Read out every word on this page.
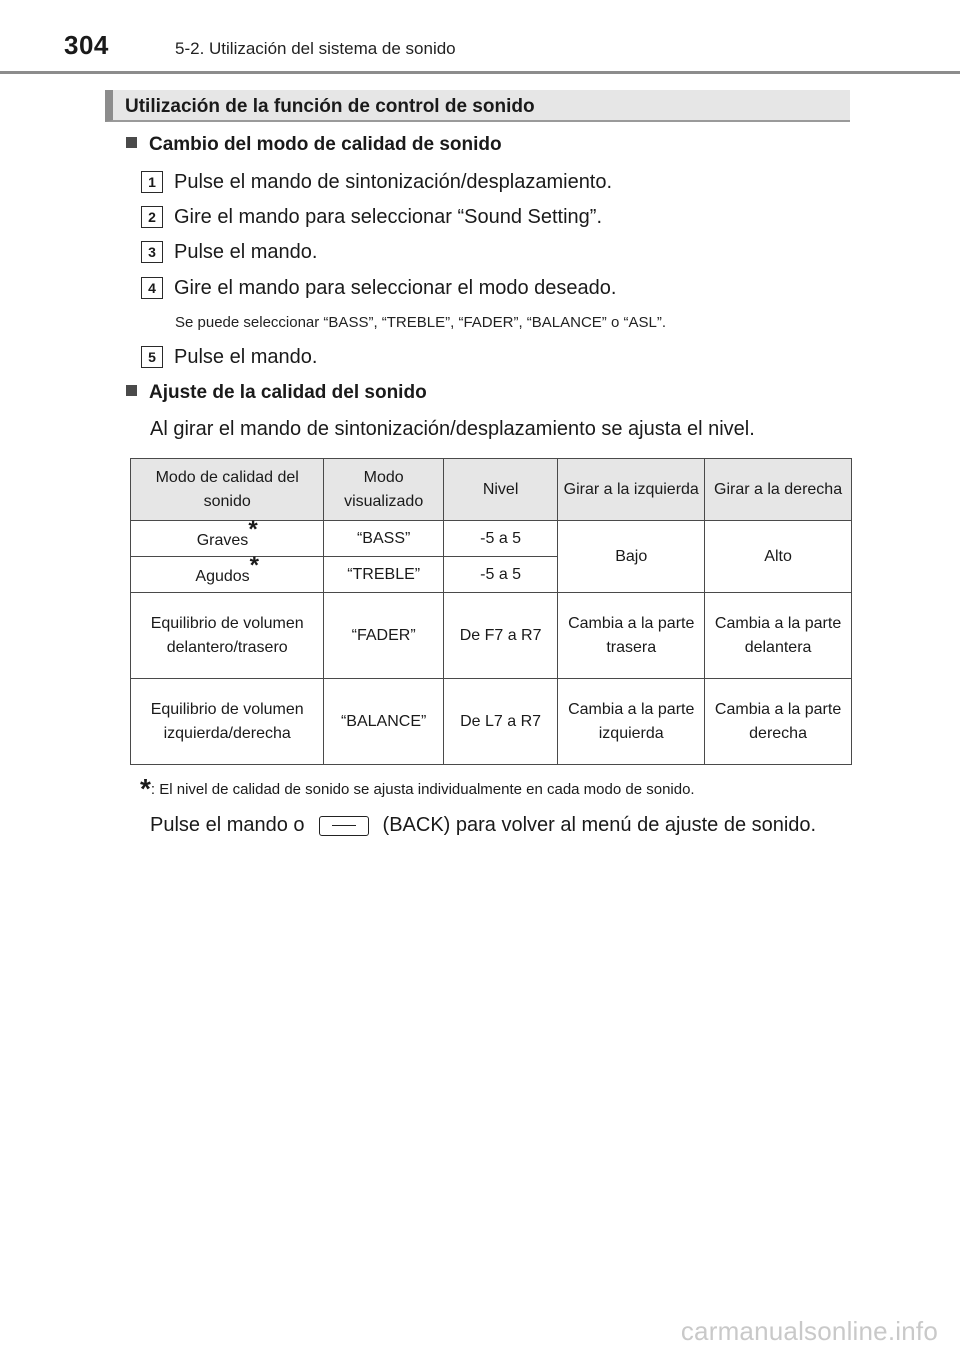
304	5-2. Utilización del sistema de sonido
Utilización de la función de control de sonido
Cambio del modo de calidad de sonido
1 Pulse el mando de sintonización/desplazamiento.
2 Gire el mando para seleccionar “Sound Setting”.
3 Pulse el mando.
4 Gire el mando para seleccionar el modo deseado.
Se puede seleccionar “BASS”, “TREBLE”, “FADER”, “BALANCE” o “ASL”.
5 Pulse el mando.
Ajuste de la calidad del sonido
Al girar el mando de sintonización/desplazamiento se ajusta el nivel.
Modo de calidad del sonido	Modo visualizado	Nivel	Girar a la izquierda	Girar a la derecha
Graves*	“BASS”	-5 a 5	Bajo	Alto
Agudos*	“TREBLE”	-5 a 5		
Equilibrio de volumen delantero/trasero	“FADER”	De F7 a R7	Cambia a la parte trasera	Cambia a la parte delantera
Equilibrio de volumen izquierda/derecha	“BALANCE”	De L7 a R7	Cambia a la parte izquierda	Cambia a la parte derecha
*: El nivel de calidad de sonido se ajusta individualmente en cada modo de sonido.
Pulse el mando o	(BACK) para volver al menú de ajuste de sonido.
carmanualsonline.info
